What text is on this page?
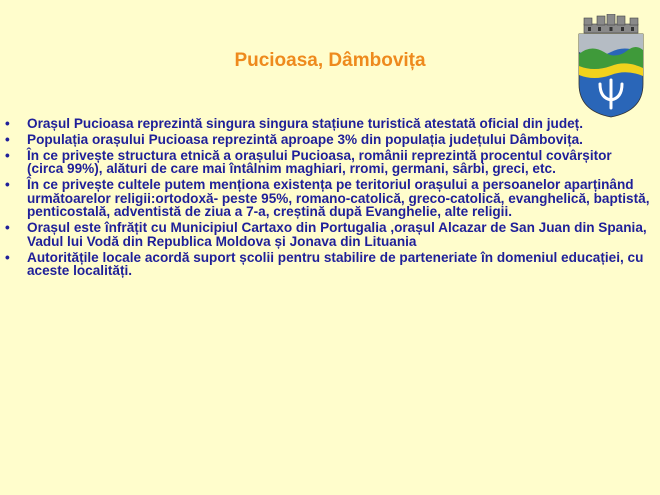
Pucioasa, Dâmbovița
• Orașul Pucioasa reprezintă singura singura stațiune turistică atestată oficial din județ.
• Populația orașului Pucioasa reprezintă aproape 3% din populația județului Dâmbovița.
• În ce privește structura etnică a orașului Pucioasa, românii reprezintă procentul covârșitor (circa 99%), alături de care mai întâlnim maghiari, rromi, germani, sârbi, greci, etc.
• În ce privește cultele putem menționa existența pe teritoriul orașului a persoanelor aparținând următoarelor religii:ortodoxă- peste 95%, romano-catolică, greco-catolică, evanghelică, baptistă, penticostală, adventistă de ziua a 7-a, creștină după Evanghelie, alte religii.
• Orașul este înfrățit cu Municipiul Cartaxo din Portugalia ,orașul Alcazar de San Juan din Spania, Vadul lui Vodă din Republica Moldova și Jonava din Lituania
• Autoritățile locale acordă suport școlii pentru stabilire de parteneriate în domeniul educației, cu aceste localități.
